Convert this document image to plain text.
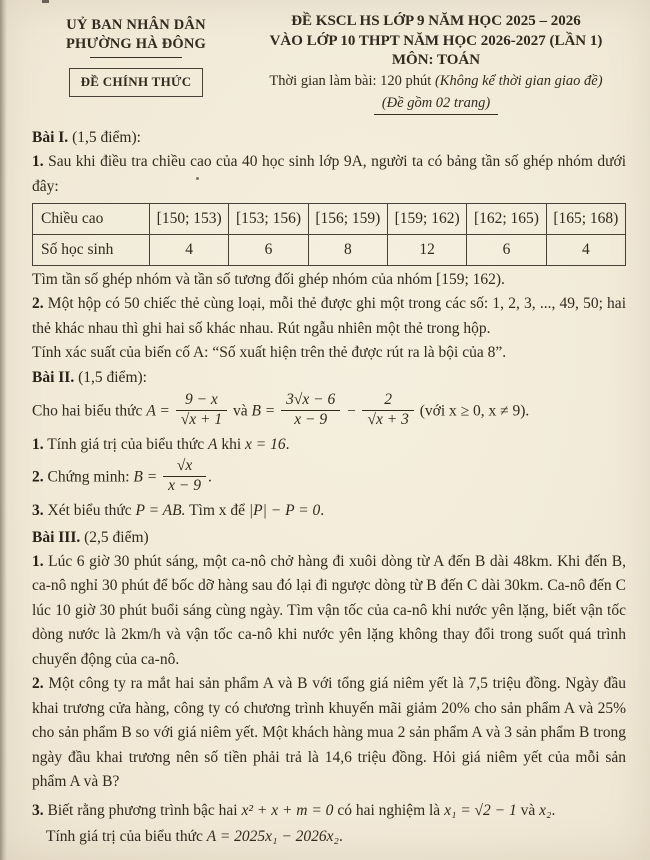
UỶ BAN NHÂN DÂN
PHƯỜNG HÀ ĐÔNG
ĐỀ CHÍNH THỨC
ĐỀ KSCL HS LỚP 9 NĂM HỌC 2025 – 2026
VÀO LỚP 10 THPT NĂM HỌC 2026-2027 (LẦN 1)
MÔN: TOÁN
Thời gian làm bài: 120 phút (Không kể thời gian giao đề)
(Đề gồm 02 trang)

Bài I. (1,5 điểm):

1. Sau khi điều tra chiều cao của 40 học sinh lớp 9A, người ta có bảng tần số ghép nhóm dưới đây:

Chiều cao	[150; 153)	[153; 156)	[156; 159)	[159; 162)	[162; 165)	[165; 168)
Số học sinh	4	6	8	12	6	4

Tìm tần số ghép nhóm và tần số tương đối ghép nhóm của nhóm [159; 162).

2. Một hộp có 50 chiếc thẻ cùng loại, mỗi thẻ được ghi một trong các số: 1, 2, 3, ..., 49, 50; hai thẻ khác nhau thì ghi hai số khác nhau. Rút ngẫu nhiên một thẻ trong hộp.

Tính xác suất của biến cố A: “Số xuất hiện trên thẻ được rút ra là bội của 8”.

Bài II. (1,5 điểm):

Cho hai biểu thức $A = \frac{9 - x}{√x + 1}$ và $B = \frac{3√x - 6}{x - 9} - \frac{2}{√x + 3}$ (với x ≥ 0, x ≠ 9).

1. Tính giá trị của biểu thức A khi x = 16.

2. Chứng minh: $B = \frac{√x}{x - 9}$ .

3. Xét biểu thức P = AB. Tìm x để |P| − P = 0.

Bài III. (2,5 điểm)

1. Lúc 6 giờ 30 phút sáng, một ca-nô chở hàng đi xuôi dòng từ A đến B dài 48km. Khi đến B, ca-nô nghỉ 30 phút để bốc dỡ hàng sau đó lại đi ngược dòng từ B đến C dài 30km. Ca-nô đến C lúc 10 giờ 30 phút buổi sáng cùng ngày. Tìm vận tốc của ca-nô khi nước yên lặng, biết vận tốc dòng nước là 2km/h và vận tốc ca-nô khi nước yên lặng không thay đổi trong suốt quá trình chuyển động của ca-nô.

2. Một công ty ra mắt hai sản phẩm A và B với tổng giá niêm yết là 7,5 triệu đồng. Ngày đầu khai trương cửa hàng, công ty có chương trình khuyến mãi giảm 20% cho sản phẩm A và 25% cho sản phẩm B so với giá niêm yết. Một khách hàng mua 2 sản phẩm A và 3 sản phẩm B trong ngày đầu khai trương nên số tiền phải trả là 14,6 triệu đồng. Hỏi giá niêm yết của mỗi sản phẩm A và B?

3. Biết rằng phương trình bậc hai x² + x + m = 0 có hai nghiệm là x₁ = √2 − 1 và x₂.

Tính giá trị của biểu thức A = 2025x₁ − 2026x₂.
